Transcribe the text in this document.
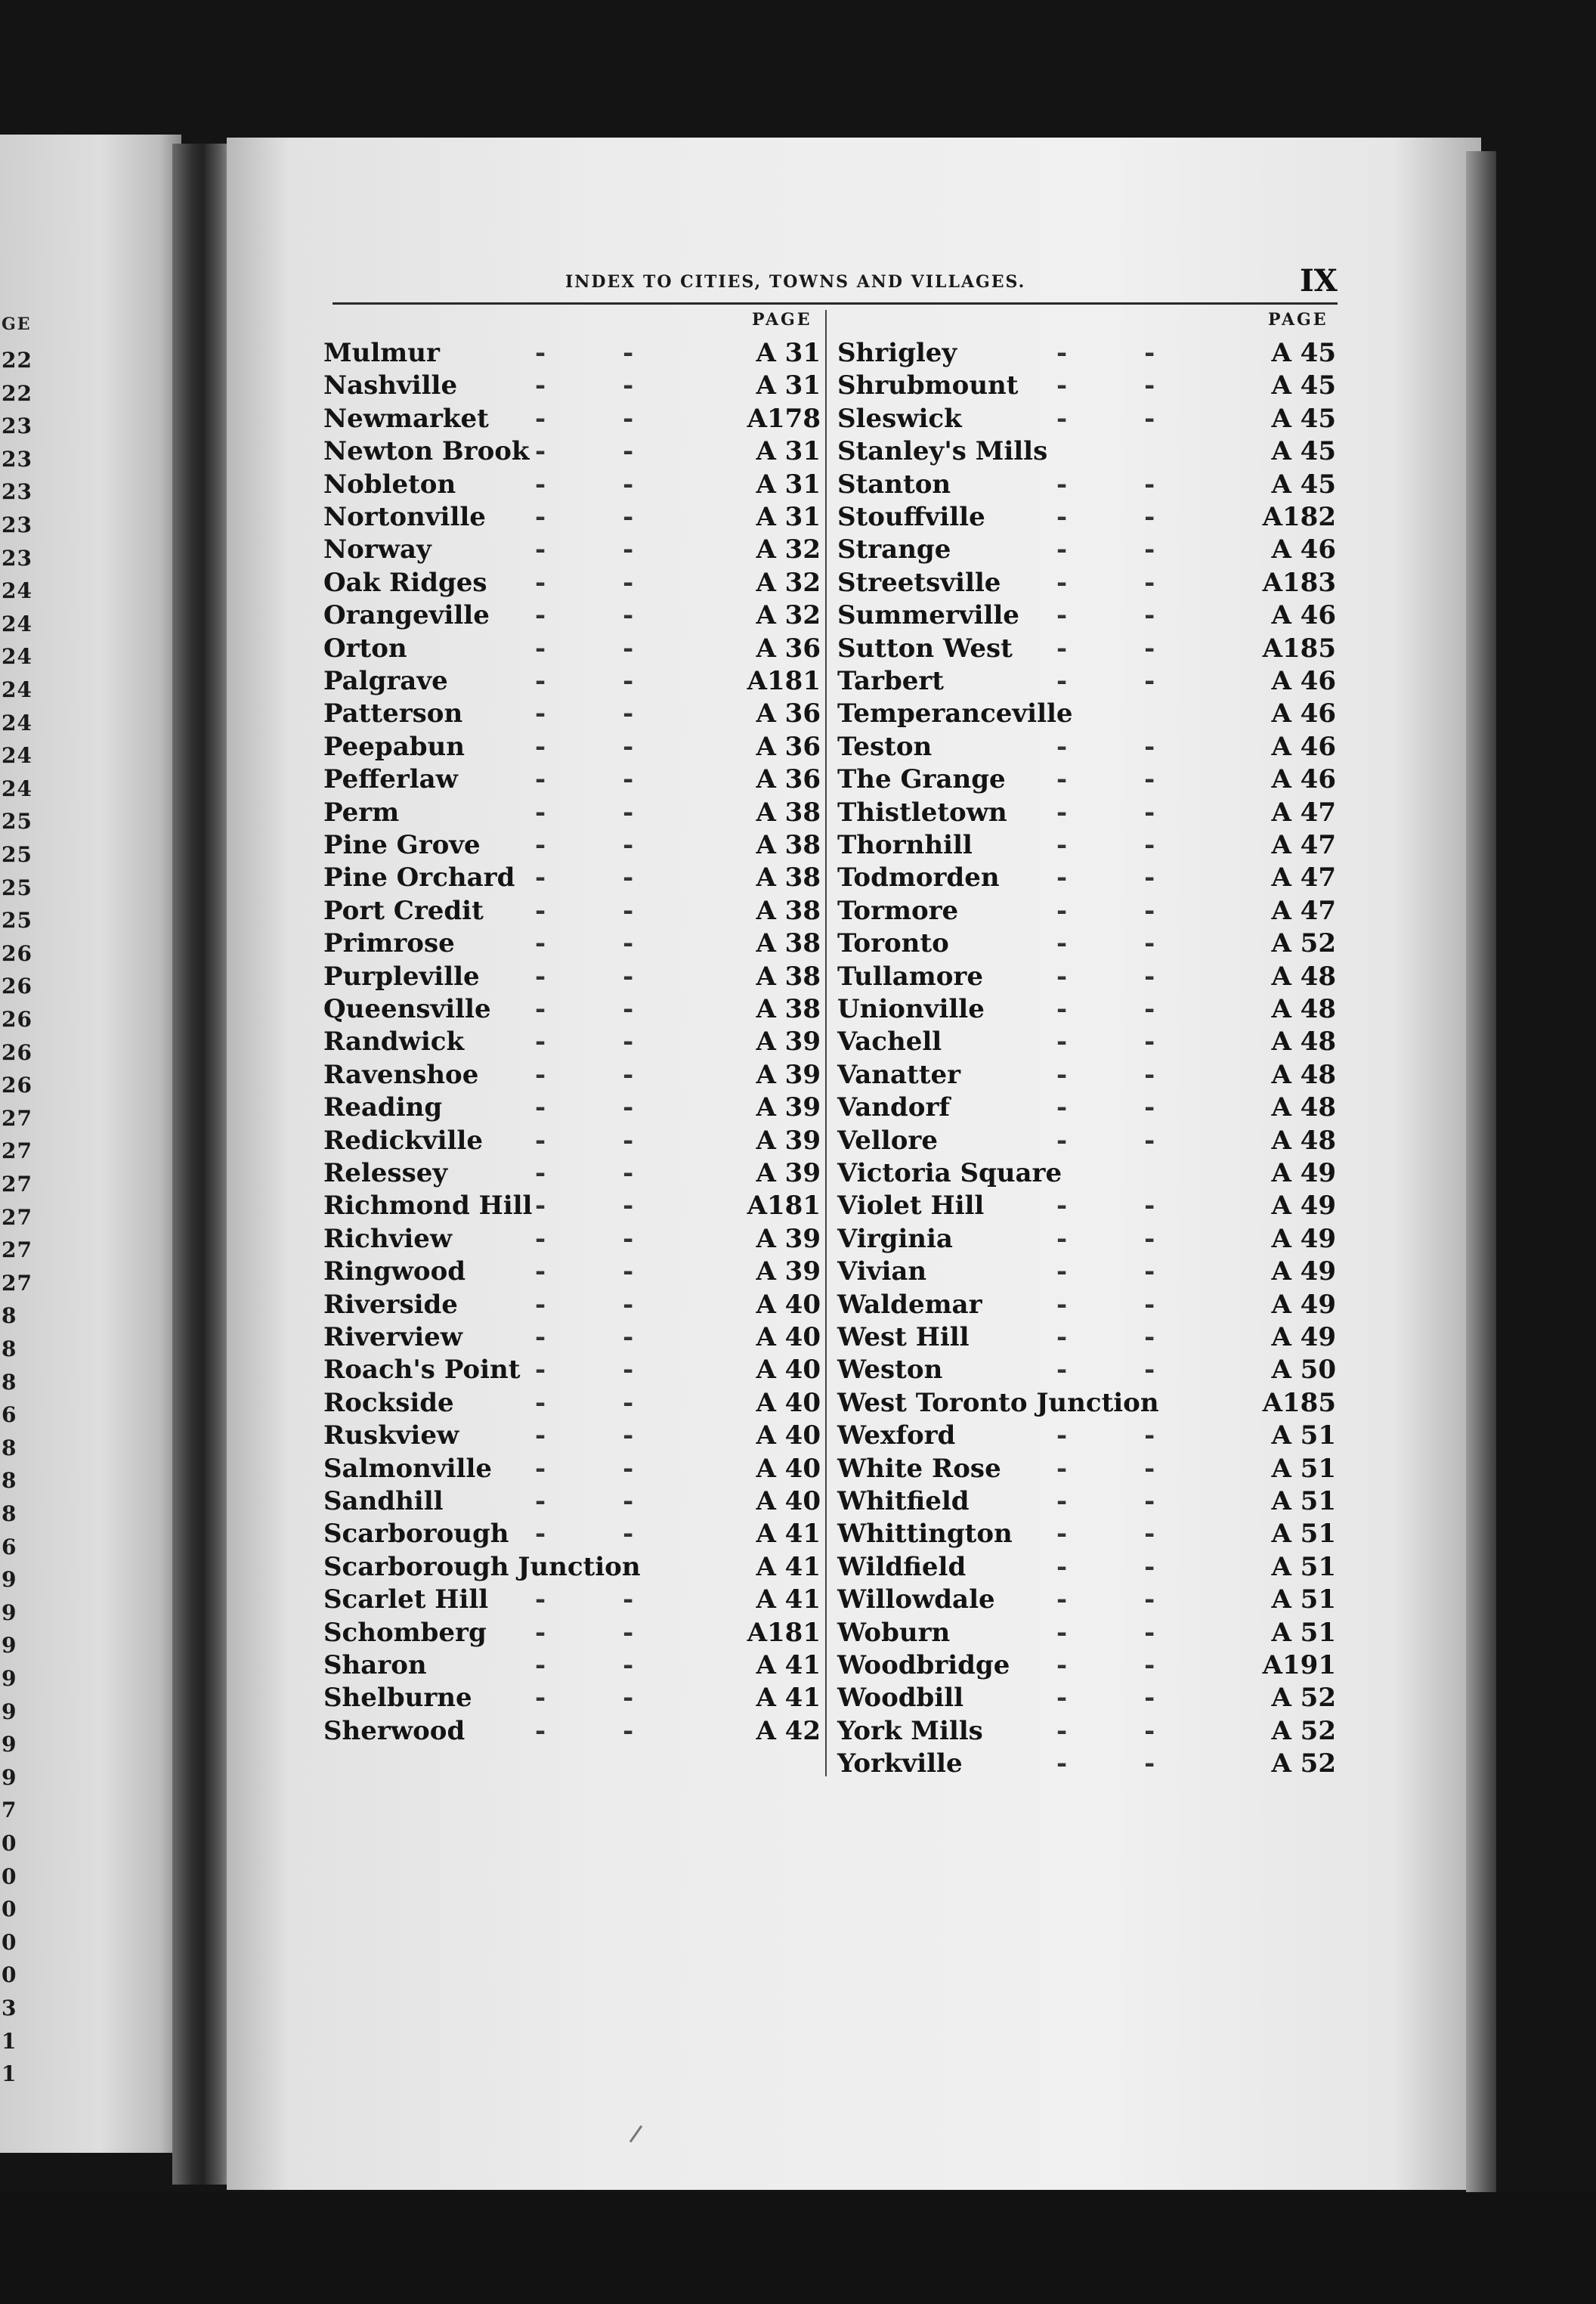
GE
22
22
23
23
23
23
23
24
24
24
24
24
24
24
25
25
25
25
26
26
26
26
26
27
27
27
27
27
27
8
8
8
6
8
8
8
6
9
9
9
9
9
9
9
7
0
0
0
0
0
3
1
1
INDEX TO CITIES, TOWNS AND VILLAGES.	IX
PAGE	PAGE
Mulmur	-   -	A 31
Nashville	-   -	A 31
Newmarket -   -	A178
Newton Brook -   -	A 31
Nobleton	-   -	A 31
Nortonville -   -	A 31
Norway	-   -	A 32
Oak Ridges -   -	A 32
Orangeville -   -	A 32
Orton	-   -	A 36
Palgrave	-   -	A181
Patterson	-   -	A 36
Peepabun	-   -	A 36
Pefferlaw	-   -	A 36
Perm	-   -	A 38
Pine Grove -   -	A 38
Pine Orchard -   -	A 38
Port Credit -   -	A 38
Primrose	-   -	A 38
Purpleville -   -	A 38
Queensville -   -	A 38
Randwick	-   -	A 39
Ravenshoe -   -	A 39
Reading	-   -	A 39
Redickville -   -	A 39
Relessey	-   -	A 39
Richmond Hill -   -	A181
Richview	-   -	A 39
Ringwood	-   -	A 39
Riverside	-   -	A 40
Riverview	-   -	A 40
Roach's Point -   -	A 40
Rockside	-   -	A 40
Ruskview	-   -	A 40
Salmonville -   -	A 40
Sandhill	-   -	A 40
Scarborough -   -	A 41
Scarborough Junction	A 41
Scarlet Hill -   -	A 41
Schomberg -   -	A181
Sharon	-   -	A 41
Shelburne -   -	A 41
Sherwood	-   -	A 42
Shrigley	-   -	A 45
Shrubmount -   -	A 45
Sleswick	-   -	A 45
Stanley's Mills	A 45
Stanton	-   -	A 45
Stouffville	-   -	A182
Strange	-   -	A 46
Streetsville -   -	A183
Summerville -   -	A 46
Sutton West -   -	A185
Tarbert	-   -	A 46
Temperanceville	A 46
Teston	-   -	A 46
The Grange -   -	A 46
Thistletown -   -	A 47
Thornhill	-   -	A 47
Todmorden -   -	A 47
Tormore	-   -	A 47
Toronto	-   -	A 52
Tullamore	-   -	A 48
Unionville	-   -	A 48
Vachell	-   -	A 48
Vanatter	-   -	A 48
Vandorf	-   -	A 48
Vellore	-   -	A 48
Victoria Square	A 49
Violet Hill	-   -	A 49
Virginia	-   -	A 49
Vivian	-   -	A 49
Waldemar	-   -	A 49
West Hill	-   -	A 49
Weston	-   -	A 50
West Toronto Junction	A185
Wexford	-   -	A 51
White Rose -   -	A 51
Whitfield	-   -	A 51
Whittington -   -	A 51
Wildfield	-   -	A 51
Willowdale -   -	A 51
Woburn	-   -	A 51
Woodbridge -   -	A191
Woodbill	-   -	A 52
York Mills	-   -	A 52
Yorkville	-   -	A 52
